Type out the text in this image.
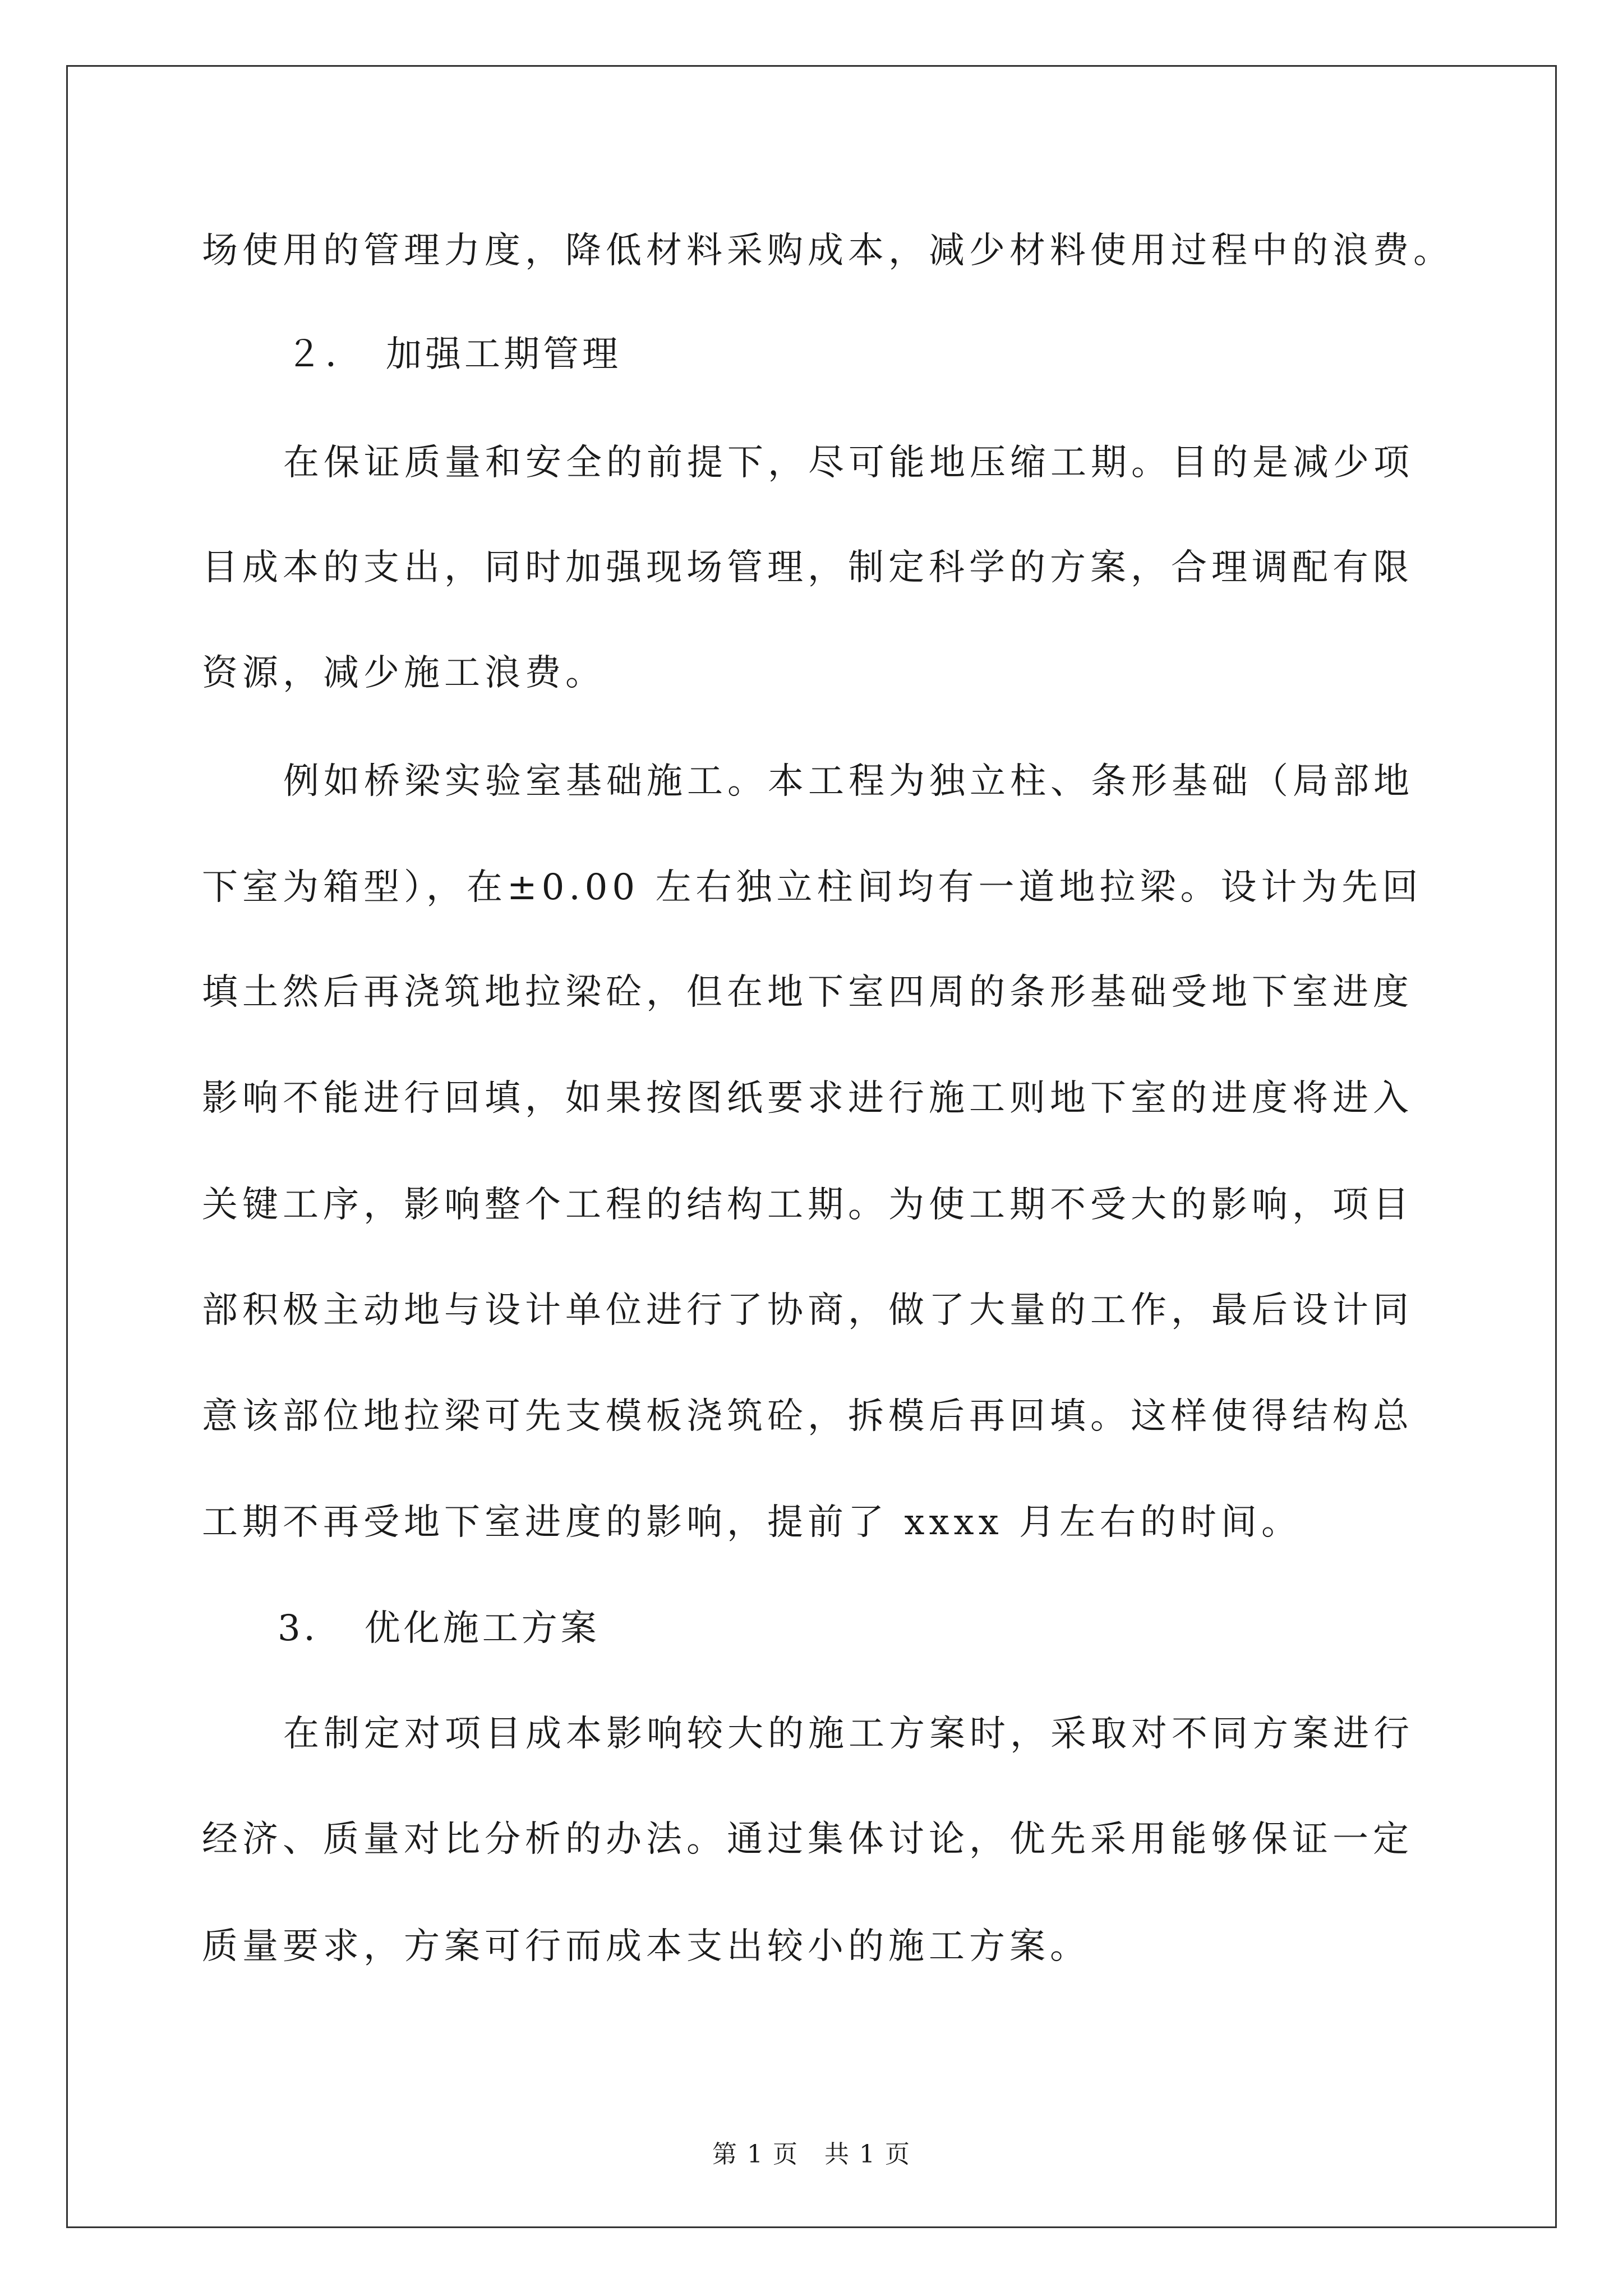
场使用的管理力度，降低材料采购成本，减少材料使用过程中的浪费。
２．　加强工期管理
在保证质量和安全的前提下，尽可能地压缩工期。目的是减少项
目成本的支出，同时加强现场管理，制定科学的方案，合理调配有限
资源，减少施工浪费。
例如桥梁实验室基础施工。本工程为独立柱、条形基础（局部地
下室为箱型），在±0.00 左右独立柱间均有一道地拉梁。设计为先回
填土然后再浇筑地拉梁砼，但在地下室四周的条形基础受地下室进度
影响不能进行回填，如果按图纸要求进行施工则地下室的进度将进入
关键工序，影响整个工程的结构工期。为使工期不受大的影响，项目
部积极主动地与设计单位进行了协商，做了大量的工作，最后设计同
意该部位地拉梁可先支模板浇筑砼，拆模后再回填。这样使得结构总
工期不再受地下室进度的影响，提前了 xxxx 月左右的时间。
3．　优化施工方案
在制定对项目成本影响较大的施工方案时，采取对不同方案进行
经济、质量对比分析的办法。通过集体讨论，优先采用能够保证一定
质量要求，方案可行而成本支出较小的施工方案。
第 1 页　共 1 页
